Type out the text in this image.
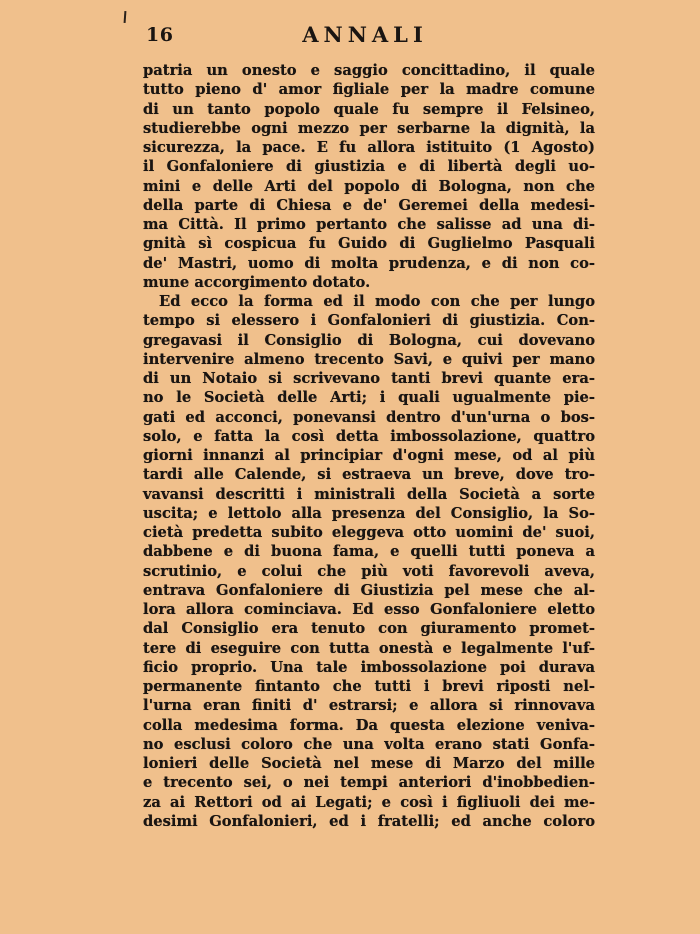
16	ANNALI
patria un onesto e saggio concittadino, il quale
tutto pieno d' amor figliale per la madre comune
di un tanto popolo quale fu sempre il Felsineo,
studierebbe ogni mezzo per serbarne la dignità, la
sicurezza, la pace. E fu allora istituito (1 Agosto)
il Gonfaloniere di giustizia e di libertà degli uo-
mini e delle Arti del popolo di Bologna, non che
della parte di Chiesa e de' Geremei della medesi-
ma Città. Il primo pertanto che salisse ad una di-
gnità sì cospicua fu Guido di Guglielmo Pasquali
de' Mastri, uomo di molta prudenza, e di non co-
mune accorgimento dotato.
Ed ecco la forma ed il modo con che per lungo
tempo si elessero i Gonfalonieri di giustizia. Con-
gregavasi il Consiglio di Bologna, cui dovevano
intervenire almeno trecento Savi, e quivi per mano
di un Notaio si scrivevano tanti brevi quante era-
no le Società delle Arti; i quali ugualmente pie-
gati ed acconci, ponevansi dentro d'un'urna o bos-
solo, e fatta la così detta imbossolazione, quattro
giorni innanzi al principiar d'ogni mese, od al più
tardi alle Calende, si estraeva un breve, dove tro-
vavansi descritti i ministrali della Società a sorte
uscita; e lettolo alla presenza del Consiglio, la So-
cietà predetta subito eleggeva otto uomini de' suoi,
dabbene e di buona fama, e quelli tutti poneva a
scrutinio, e colui che più voti favorevoli aveva,
entrava Gonfaloniere di Giustizia pel mese che al-
lora allora cominciava. Ed esso Gonfaloniere eletto
dal Consiglio era tenuto con giuramento promet-
tere di eseguire con tutta onestà e legalmente l'uf-
ficio proprio. Una tale imbossolazione poi durava
permanente fintanto che tutti i brevi riposti nel-
l'urna eran finiti d' estrarsi; e allora si rinnovava
colla medesima forma. Da questa elezione veniva-
no esclusi coloro che una volta erano stati Gonfa-
lonieri delle Società nel mese di Marzo del mille
e trecento sei, o nei tempi anteriori d'inobbedien-
za ai Rettori od ai Legati; e così i figliuoli dei me-
desimi Gonfalonieri, ed i fratelli; ed anche coloro
